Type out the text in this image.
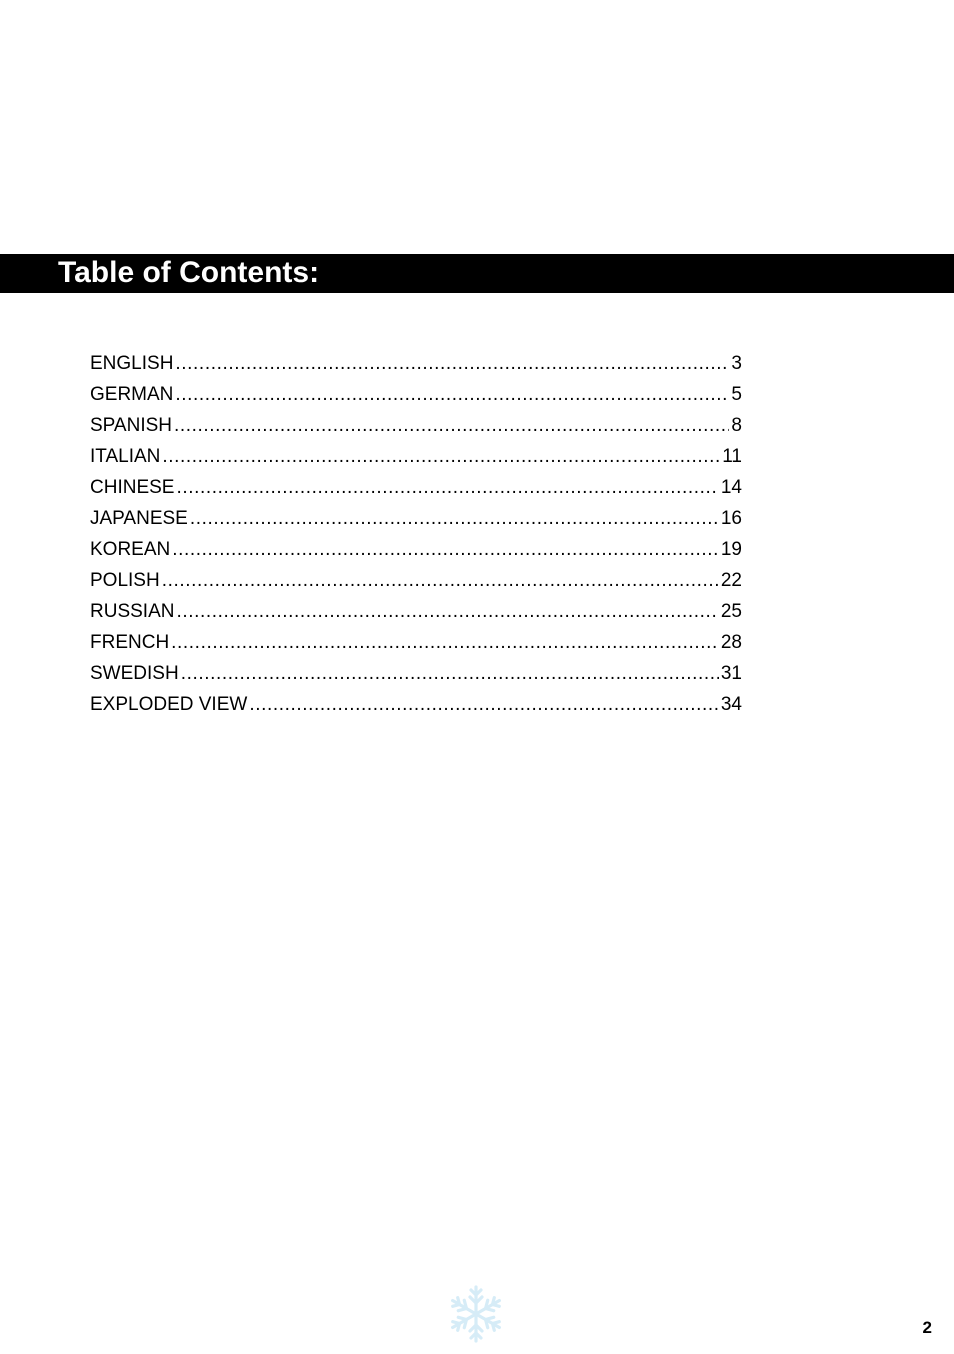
Table of Contents:
ENGLISH .....	3
GERMAN .....	5
SPANISH .....	8
ITALIAN .....	11
CHINESE .....	14
JAPANESE .....	16
KOREAN .....	19
POLISH .....	22
RUSSIAN .....	25
FRENCH .....	28
SWEDISH .....	31
EXPLODED VIEW .....	34
2
